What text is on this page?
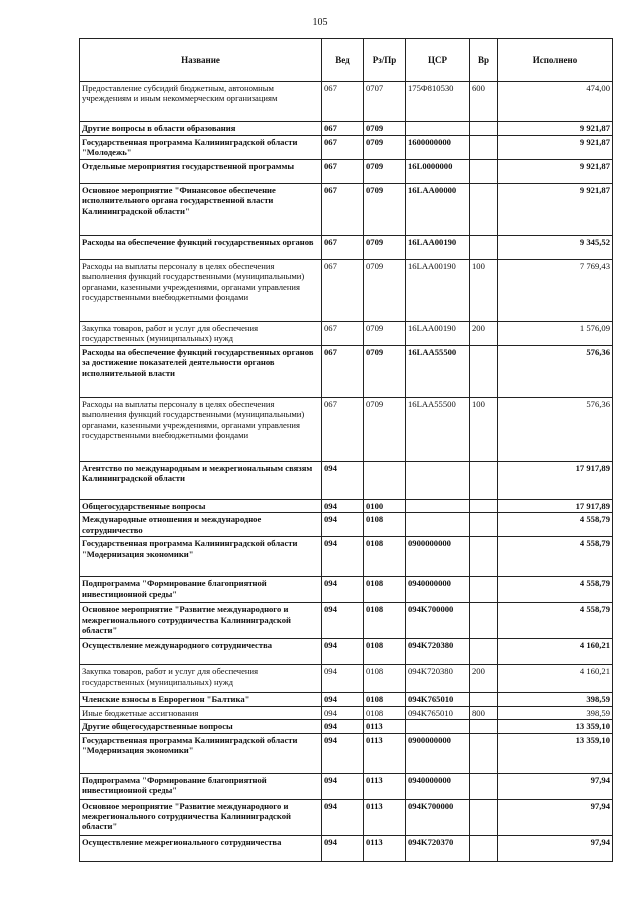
105
Название	Вед	Рз/Пр	ЦСР	Вр	Исполнено
Предоставление субсидий бюджетным, автономным учреждениям и иным некоммерческим организациям	067	0707	175Ф810530	600	474,00
Другие вопросы в области образования	067	0709			9 921,87
Государственная программа Калининградской области "Молодежь"	067	0709	1600000000		9 921,87
Отдельные мероприятия государственной программы	067	0709	16L0000000		9 921,87
Основное мероприятие "Финансовое обеспечение исполнительного органа государственной власти Калининградской области"	067	0709	16LAA00000		9 921,87
Расходы на обеспечение функций государственных органов	067	0709	16LAA00190		9 345,52
Расходы на выплаты персоналу в целях обеспечения выполнения функций государственными (муниципальными) органами, казенными учреждениями, органами управления государственными внебюджетными фондами	067	0709	16LAA00190	100	7 769,43
Закупка товаров, работ и услуг для обеспечения государственных (муниципальных) нужд	067	0709	16LAA00190	200	1 576,09
Расходы на обеспечение функций государственных органов за достижение показателей деятельности органов исполнительной власти	067	0709	16LAA55500		576,36
Расходы на выплаты персоналу в целях обеспечения выполнения функций государственными (муниципальными) органами, казенными учреждениями, органами управления государственными внебюджетными фондами	067	0709	16LAA55500	100	576,36
Агентство по международным и межрегиональным связям Калининградской области	094				17 917,89
Общегосударственные вопросы	094	0100			17 917,89
Международные отношения и международное сотрудничество	094	0108			4 558,79
Государственная программа Калининградской области "Модернизация экономики"	094	0108	0900000000		4 558,79
Подпрограмма "Формирование благоприятной инвестиционной среды"	094	0108	0940000000		4 558,79
Основное мероприятие "Развитие международного и межрегионального сотрудничества Калининградской области"	094	0108	094K700000		4 558,79
Осуществление международного сотрудничества	094	0108	094K720380		4 160,21
Закупка товаров, работ и услуг для обеспечения государственных (муниципальных) нужд	094	0108	094K720380	200	4 160,21
Членские взносы в Еврорегион "Балтика"	094	0108	094K765010		398,59
Иные бюджетные ассигнования	094	0108	094K765010	800	398,59
Другие общегосударственные вопросы	094	0113			13 359,10
Государственная программа Калининградской области "Модернизация экономики"	094	0113	0900000000		13 359,10
Подпрограмма "Формирование благоприятной инвестиционной среды"	094	0113	0940000000		97,94
Основное мероприятие "Развитие международного и межрегионального сотрудничества Калининградской области"	094	0113	094K700000		97,94
Осуществление межрегионального сотрудничества	094	0113	094K720370		97,94
